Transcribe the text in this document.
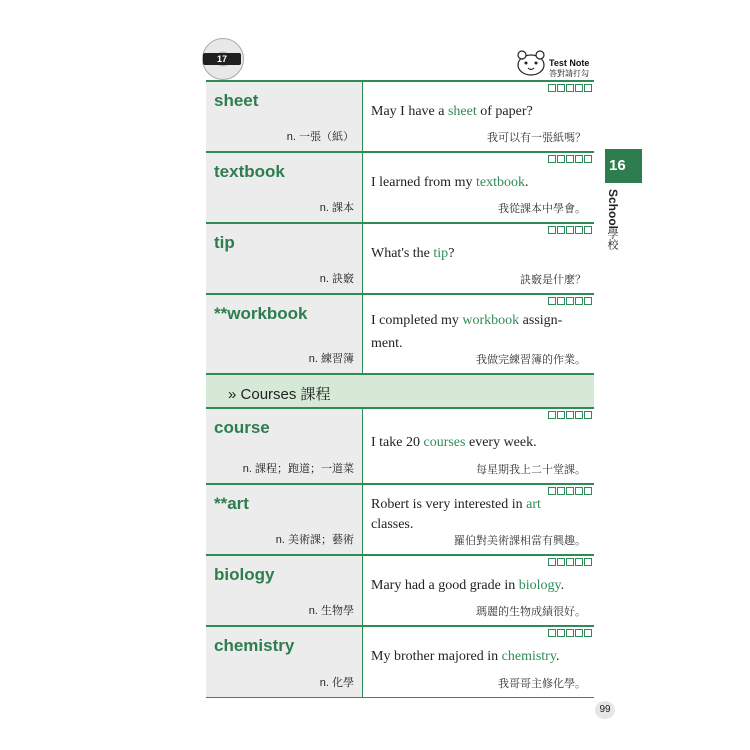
17	Test Note
答對請打勾
sheet
n. 一張（紙）
May I have a sheet of paper?
我可以有一張紙嗎？
textbook
n. 課本
I learned from my textbook.
我從課本中學會。
tip
n. 訣竅
What's the tip?
訣竅是什麼？
**workbook
n. 練習簿
I completed my workbook assign-ment.
我做完練習簿的作業。
» Courses 課程
course
n. 課程；跑道；一道菜
I take 20 courses every week.
每星期我上二十堂課。
**art
n. 美術課；藝術
Robert is very interested in art classes.
羅伯對美術課相當有興趣。
biology
n. 生物學
Mary had a good grade in biology.
瑪麗的生物成績很好。
chemistry
n. 化學
My brother majored in chemistry.
我哥哥主修化學。
16
School
學校
99
